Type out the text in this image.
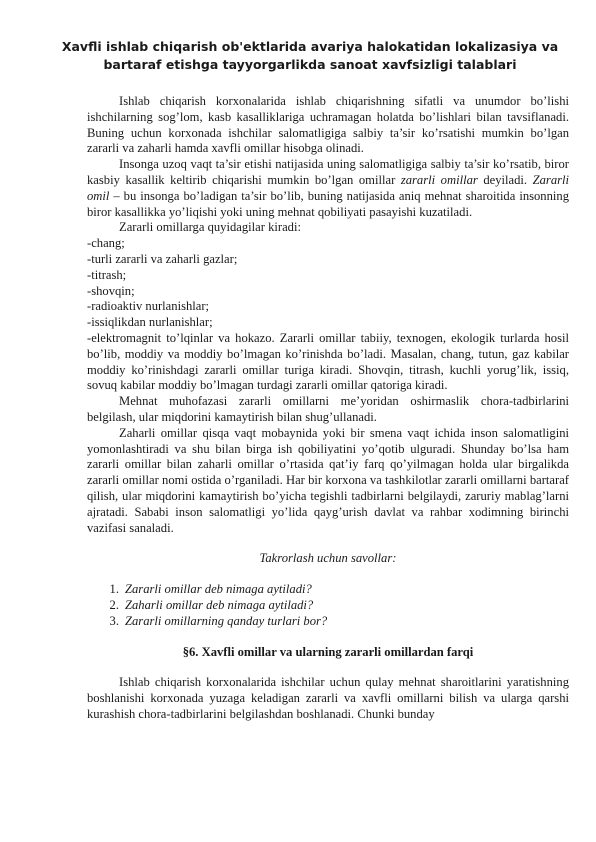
Xavfli ishlab chiqarish ob'ektlarida avariya halokatidan lokalizasiya va bartaraf etishga tayyorgarlikda sanoat xavfsizligi talablari

Ishlab chiqarish korxonalarida ishlab chiqarishning sifatli va unumdor bo’lishi ishchilarning sog’lom, kasb kasalliklariga uchramagan holatda bo’lishlari bilan tavsiflanadi. Buning uchun korxonada ishchilar salomatligiga salbiy ta’sir ko’rsatishi mumkin bo’lgan zararli va zaharli hamda xavfli omillar hisobga olinadi.

Insonga uzoq vaqt ta’sir etishi natijasida uning salomatligiga salbiy ta’sir ko’rsatib, biror kasbiy kasallik keltirib chiqarishi mumkin bo’lgan omillar zararli omillar deyiladi. Zararli omil – bu insonga bo’ladigan ta’sir bo’lib, buning natijasida aniq mehnat sharoitida insonning biror kasallikka yo’liqishi yoki uning mehnat qobiliyati pasayishi kuzatiladi.

Zararli omillarga quyidagilar kiradi:

-chang;

-turli zararli va zaharli gazlar;

-titrash;

-shovqin;

-radioaktiv nurlanishlar;

-issiqlikdan nurlanishlar;

-elektromagnit to’lqinlar va hokazo. Zararli omillar tabiiy, texnogen, ekologik turlarda hosil bo’lib, moddiy va moddiy bo’lmagan ko’rinishda bo’ladi. Masalan, chang, tutun, gaz kabilar moddiy ko’rinishdagi zararli omillar turiga kiradi. Shovqin, titrash, kuchli yorug’lik, issiq, sovuq kabilar moddiy bo’lmagan turdagi zararli omillar qatoriga kiradi.

Mehnat muhofazasi zararli omillarni me’yoridan oshirmaslik chora-tadbirlarini belgilash, ular miqdorini kamaytirish bilan shug’ullanadi.

Zaharli omillar qisqa vaqt mobaynida yoki bir smena vaqt ichida inson salomatligini yomonlashtiradi va shu bilan birga ish qobiliyatini yo’qotib ulguradi. Shunday bo’lsa ham zararli omillar bilan zaharli omillar o’rtasida qat’iy farq qo’yilmagan holda ular birgalikda zararli omillar nomi ostida o’rganiladi. Har bir korxona va tashkilotlar zararli omillarni bartaraf qilish, ular miqdorini kamaytirish bo’yicha tegishli tadbirlarni belgilaydi, zaruriy mablag’larni ajratadi. Sababi inson salomatligi yo’lida qayg’urish davlat va rahbar xodimning birinchi vazifasi sanaladi.

Takrorlash uchun savollar:

1. Zararli omillar deb nimaga aytiladi?

2. Zaharli omillar deb nimaga aytiladi?

3. Zararli omillarning qanday turlari bor?

§6. Xavfli omillar va ularning zararli omillardan farqi

Ishlab chiqarish korxonalarida ishchilar uchun qulay mehnat sharoitlarini yaratishning boshlanishi korxonada yuzaga keladigan zararli va xavfli omillarni bilish va ularga qarshi kurashish chora-tadbirlarini belgilashdan boshlanadi. Chunki bunday
